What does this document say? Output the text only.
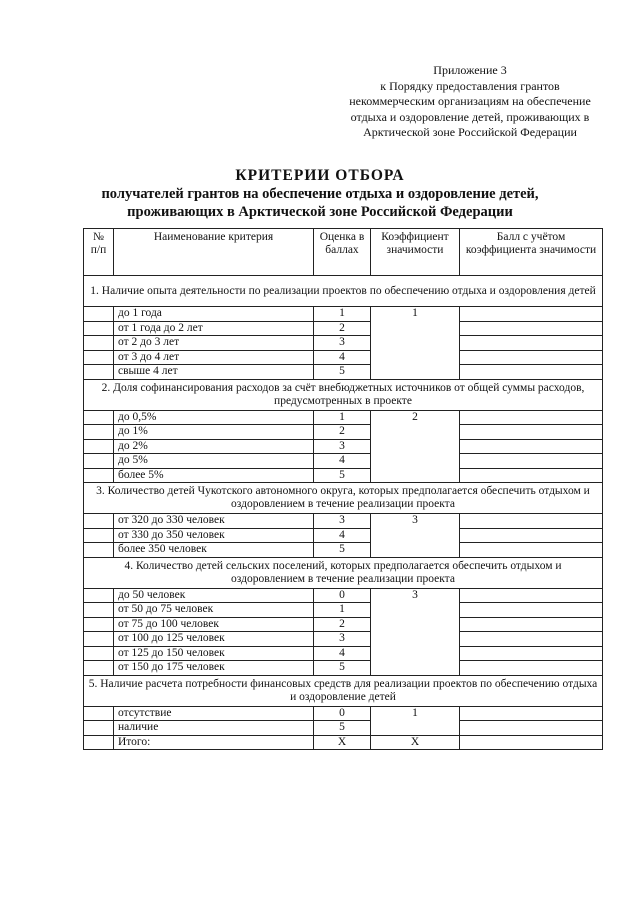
Приложение 3
к Порядку предоставления грантов
некоммерческим организациям на обеспечение
отдыха и оздоровление детей, проживающих в
Арктической зоне Российской Федерации
КРИТЕРИИ ОТБОРА
получателей грантов на обеспечение отдыха и оздоровление детей,
проживающих в Арктической зоне Российской Федерации
№ п/п	Наименование критерия	Оценка в баллах	Коэффициент значимости	Балл с учётом коэффициента значимости
1. Наличие опыта деятельности по реализации проектов по обеспечению отдыха и оздоровления детей				
	до 1 года	1	1	
	от 1 года до 2 лет	2		
	от 2 до 3 лет	3		
	от 3 до 4 лет	4		
	свыше 4 лет	5		
2. Доля софинансирования расходов за счёт внебюджетных источников от общей суммы расходов, предусмотренных в проекте				
	до 0,5%	1	2	
	до 1%	2		
	до 2%	3		
	до 5%	4		
	более 5%	5		
3. Количество детей Чукотского автономного округа, которых предполагается обеспечить отдыхом и оздоровлением в течение реализации проекта				
	от 320 до 330 человек	3	3	
	от 330 до 350 человек	4		
	более 350 человек	5		
4. Количество детей сельских поселений, которых предполагается обеспечить отдыхом и оздоровлением в течение реализации проекта				
	до 50 человек	0	3	
	от 50 до 75 человек	1		
	от 75 до 100 человек	2		
	от 100 до 125 человек	3		
	от 125 до 150 человек	4		
	от 150 до 175 человек	5		
5. Наличие расчета потребности финансовых средств для реализации проектов по обеспечению отдыха и оздоровление детей				
	отсутствие	0	1	
	наличие	5		
	Итого:	X	X	
